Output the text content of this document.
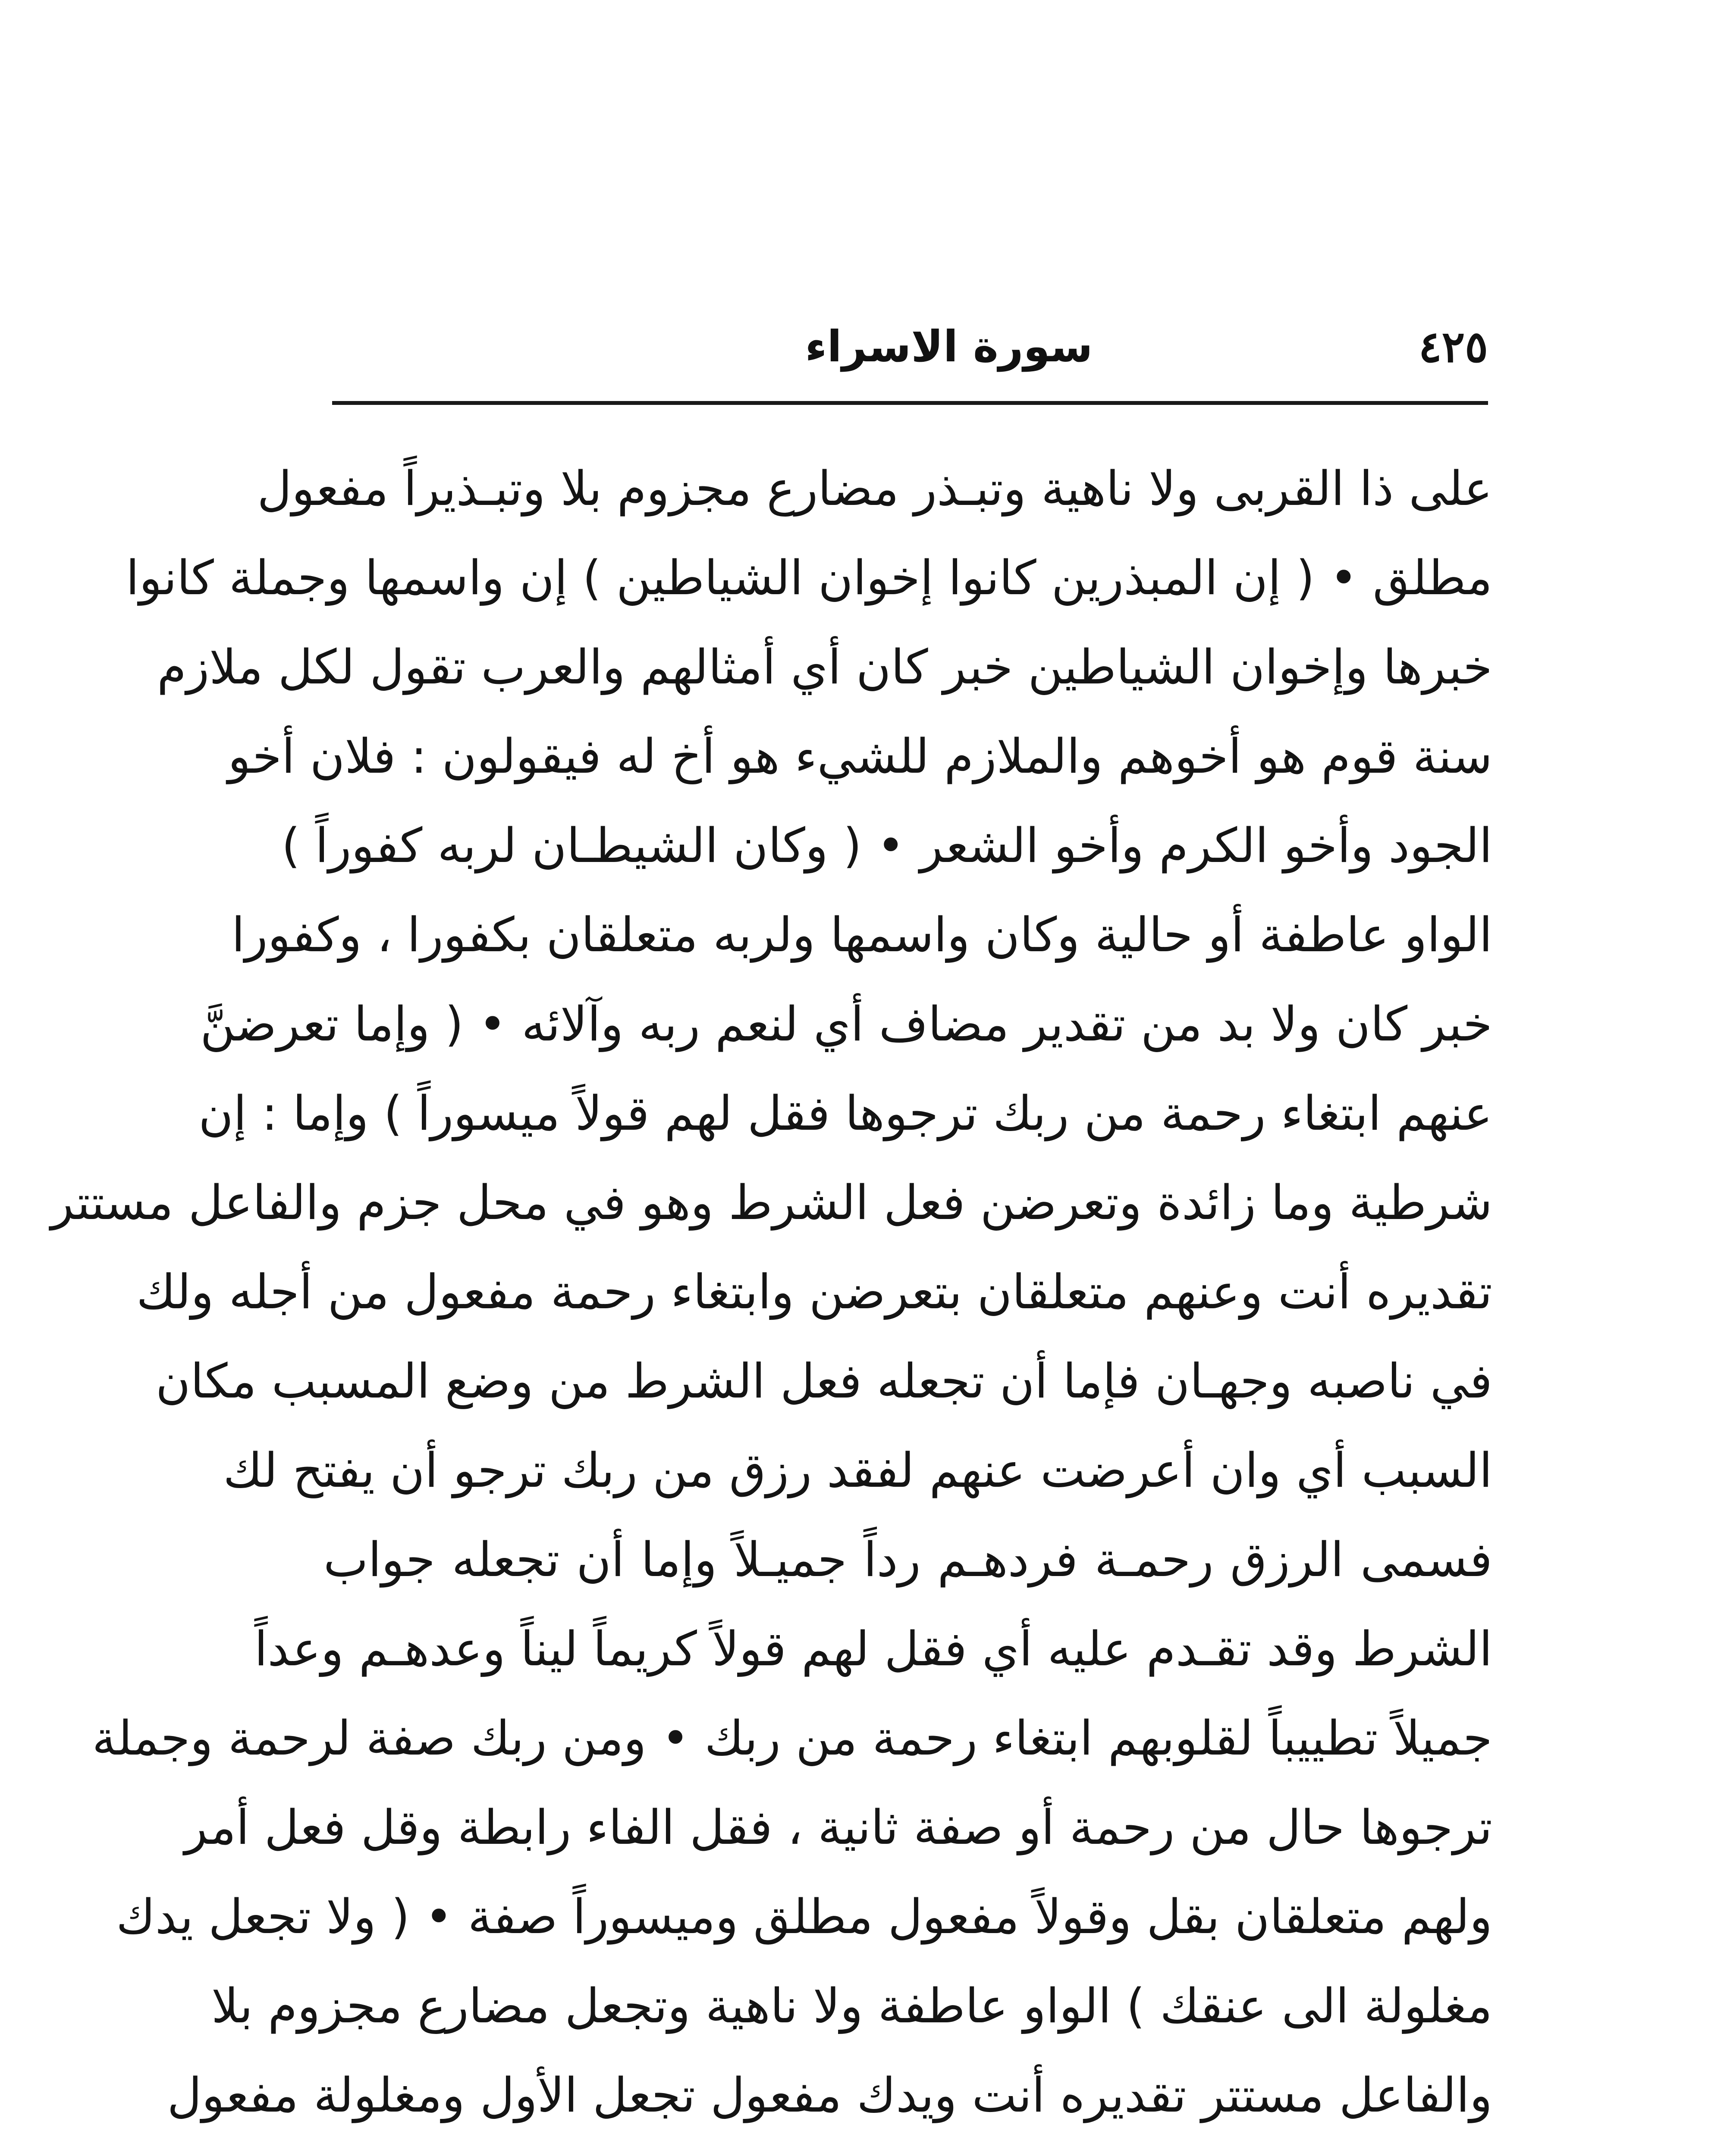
٤٢٥
سورة الاسراء
على ذا القربى ولا ناهية وتبـذر مضارع مجزوم بلا وتبـذيراً مفعول
مطلق • ( إن المبذرين كانوا إخوان الشياطين ) إن واسمها وجملة كانوا
خبرها وإخوان الشياطين خبر كان أي أمثالهم والعرب تقول لكل ملازم
سنة قوم هو أخوهم والملازم للشيء هو أخ له فيقولون : فلان أخو
الجود وأخو الكرم وأخو الشعر • ( وكان الشيطـان لربه كفوراً )
الواو عاطفة أو حالية وكان واسمها ولربه متعلقان بكفورا ، وكفورا
خبر كان ولا بد من تقدير مضاف أي لنعم ربه وآلائه • ( وإما تعرضنَّ
عنهم ابتغاء رحمة من ربك ترجوها فقل لهم قولاً ميسوراً ) وإما : إن
شرطية وما زائدة وتعرضن فعل الشرط وهو في محل جزم والفاعل مستتر
تقديره أنت وعنهم متعلقان بتعرضن وابتغاء رحمة مفعول من أجله ولك
في ناصبه وجهـان فإما أن تجعله فعل الشرط من وضع المسبب مكان
السبب أي وان أعرضت عنهم لفقد رزق من ربك ترجو أن يفتح لك
فسمى الرزق رحمـة فردهـم رداً جميـلاً وإما أن تجعله جواب
الشرط وقد تقـدم عليه أي فقل لهم قولاً كريماً ليناً وعدهـم وعداً
جميلاً تطييباً لقلوبهم ابتغاء رحمة من ربك • ومن ربك صفة لرحمة وجملة
ترجوها حال من رحمة أو صفة ثانية ، فقل الفاء رابطة وقل فعل أمر
ولهم متعلقان بقل وقولاً مفعول مطلق وميسوراً صفة • ( ولا تجعل يدك
مغلولة الى عنقك ) الواو عاطفة ولا ناهية وتجعل مضارع مجزوم بلا
والفاعل مستتر تقديره أنت ويدك مفعول تجعل الأول ومغلولة مفعول
